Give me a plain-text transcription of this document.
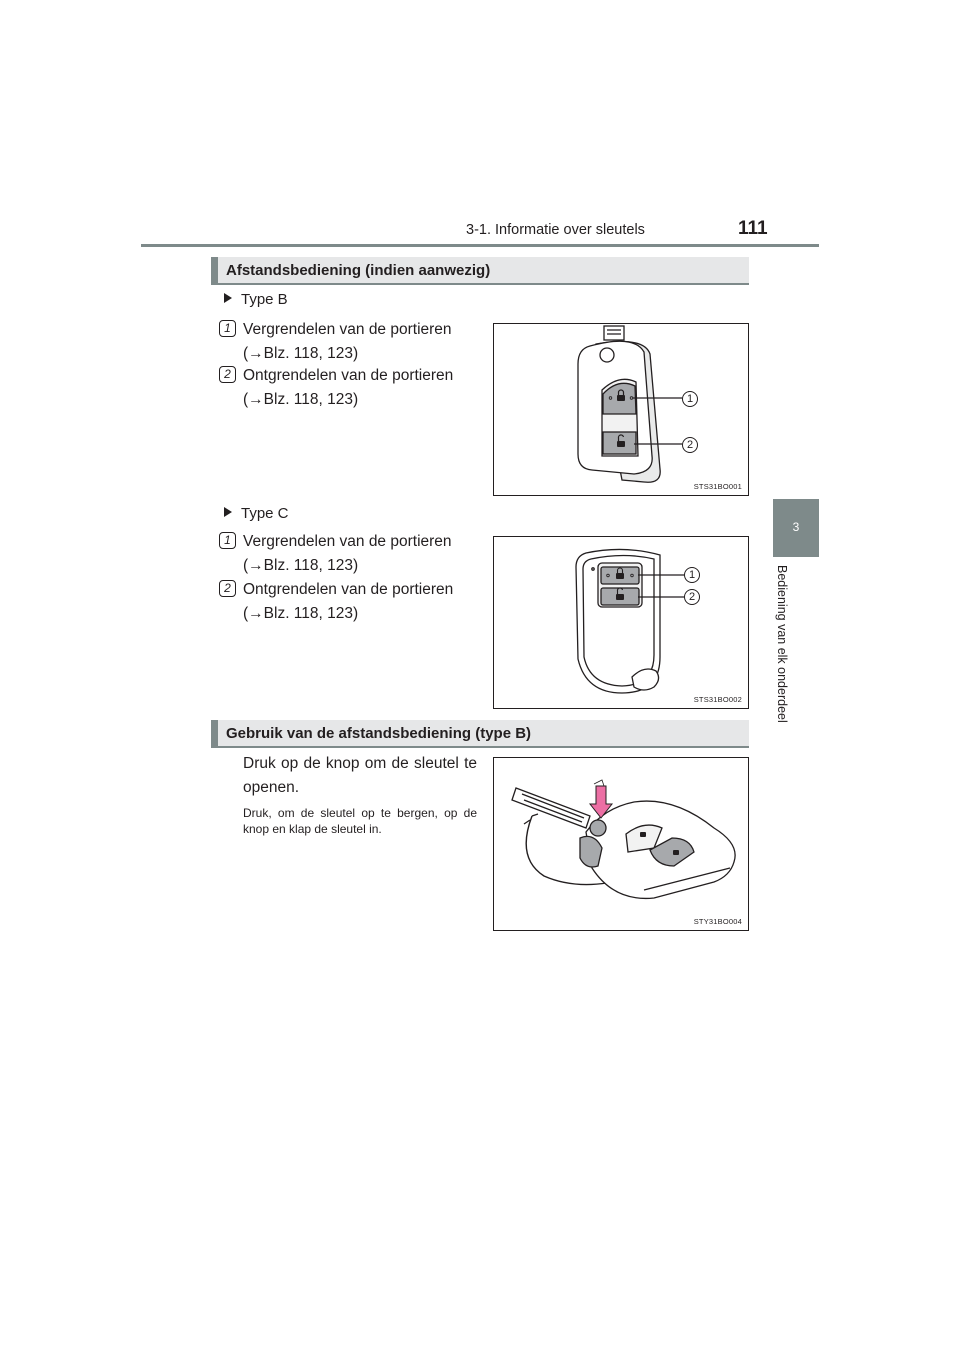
3-1. Informatie over sleutels	111
3
Bediening van elk onderdeel
Afstandsbediening (indien aanwezig)
Type B
1 Vergrendelen van de portieren
(→Blz. 118, 123)
2 Ontgrendelen van de portieren
(→Blz. 118, 123)	1
2
STS31BO001
Type C
1 Vergrendelen van de portieren
(→Blz. 118, 123)
2 Ontgrendelen van de portieren
(→Blz. 118, 123)
1
2
STS31BO002
Gebruik van de afstandsbediening (type B)
Druk op de knop om de sleutel te openen.
Druk, om de sleutel op te bergen, op de knop en klap de sleutel in.
STY31BO004
